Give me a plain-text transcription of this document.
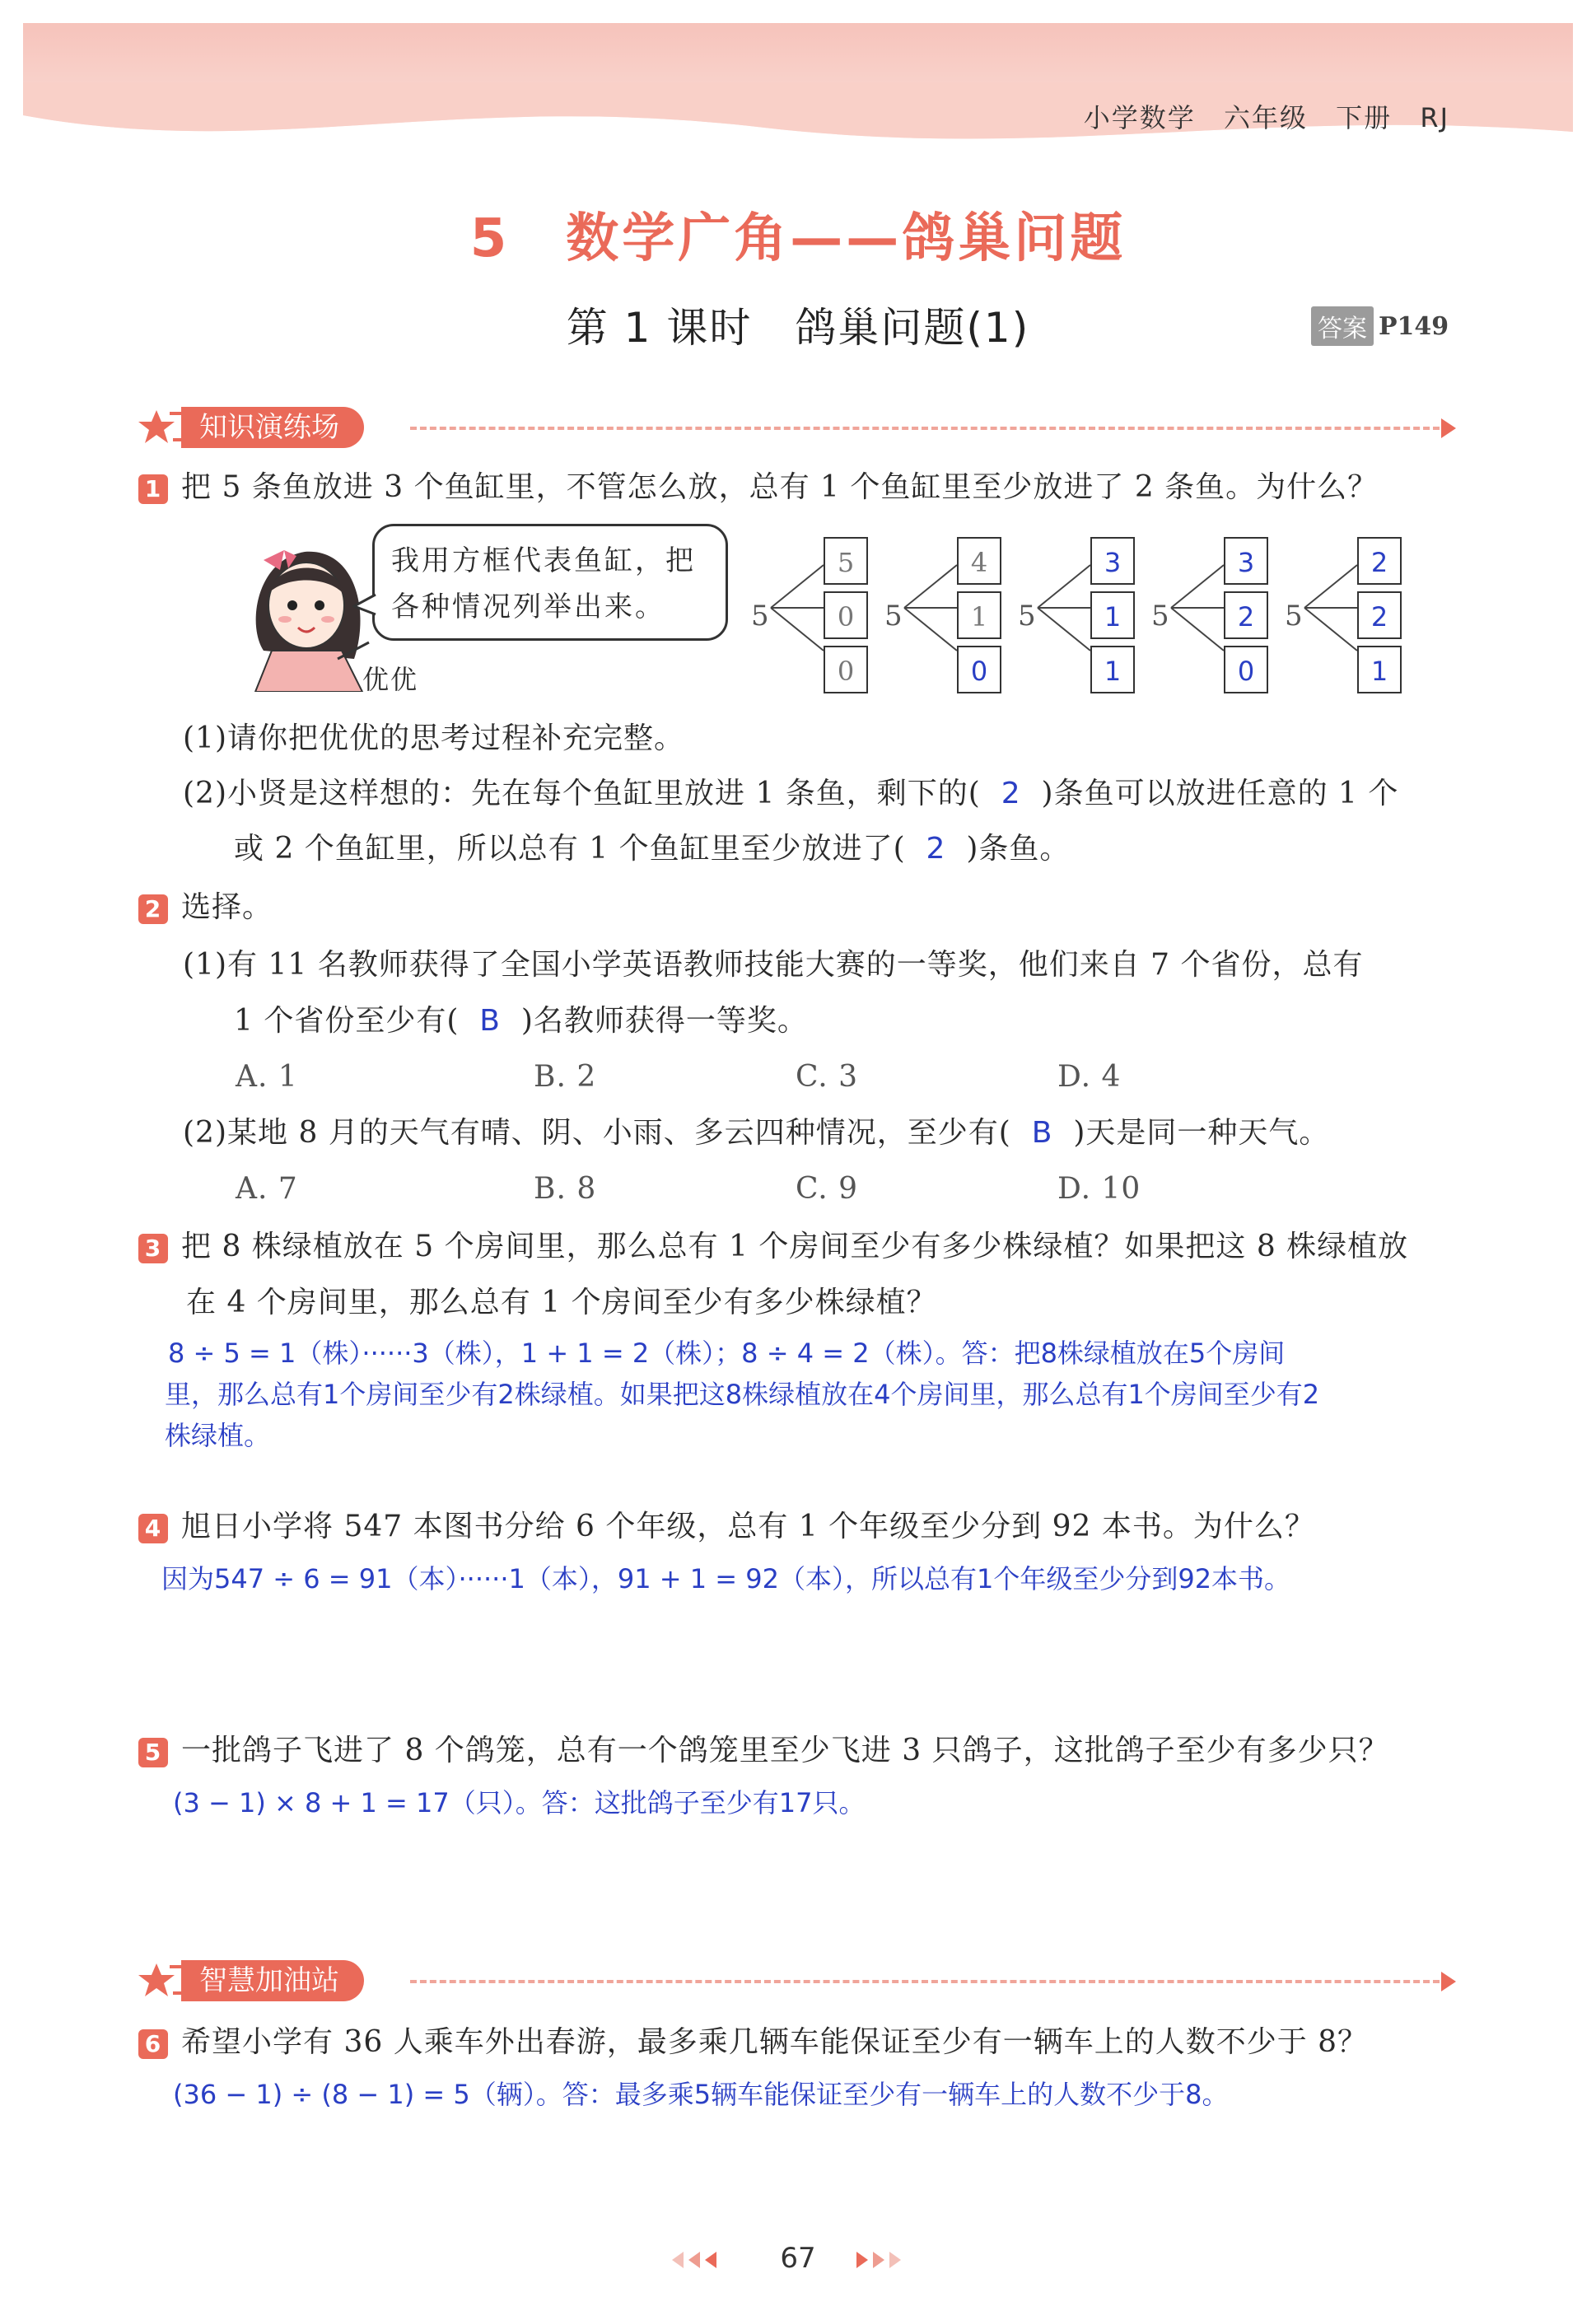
小学数学 六年级 下册 RJ
5　数学广角——鸽巢问题
第 1 课时　鸽巢问题(1)	答案 P149
知识演练场
1 把 5 条鱼放进 3 个鱼缸里，不管怎么放，总有 1 个鱼缸里至少放进了 2 条鱼。为什么？
优优
我用方框代表鱼缸，把
各种情况列举出来。	5
5
0
0
5
4
1
0
5
3
1
1
5
3
2
0
5
2
2
1
(1)请你把优优的思考过程补充完整。
(2)小贤是这样想的：先在每个鱼缸里放进 1 条鱼，剩下的( 2 )条鱼可以放进任意的 1 个
或 2 个鱼缸里，所以总有 1 个鱼缸里至少放进了( 2 )条鱼。
2 选择。
(1)有 11 名教师获得了全国小学英语教师技能大赛的一等奖，他们来自 7 个省份，总有
1 个省份至少有( B )名教师获得一等奖。
A. 1	B. 2	C. 3	D. 4
(2)某地 8 月的天气有晴、阴、小雨、多云四种情况，至少有( B )天是同一种天气。
A. 7	B. 8	C. 9	D. 10
3 把 8 株绿植放在 5 个房间里，那么总有 1 个房间至少有多少株绿植？如果把这 8 株绿植放
在 4 个房间里，那么总有 1 个房间至少有多少株绿植？
8 ÷ 5 = 1（株）······3（株），1 + 1 = 2（株）；8 ÷ 4 = 2（株）。答：把8株绿植放在5个房间
里，那么总有1个房间至少有2株绿植。如果把这8株绿植放在4个房间里，那么总有1个房间至少有2
株绿植。
4 旭日小学将 547 本图书分给 6 个年级，总有 1 个年级至少分到 92 本书。为什么？
因为547 ÷ 6 = 91（本）······1（本），91 + 1 = 92（本），所以总有1个年级至少分到92本书。
5 一批鸽子飞进了 8 个鸽笼，总有一个鸽笼里至少飞进 3 只鸽子，这批鸽子至少有多少只？
(3 − 1) × 8 + 1 = 17（只）。答：这批鸽子至少有17只。
智慧加油站
6 希望小学有 36 人乘车外出春游，最多乘几辆车能保证至少有一辆车上的人数不少于 8？
(36 − 1) ÷ (8 − 1) = 5（辆）。答：最多乘5辆车能保证至少有一辆车上的人数不少于8。
67
